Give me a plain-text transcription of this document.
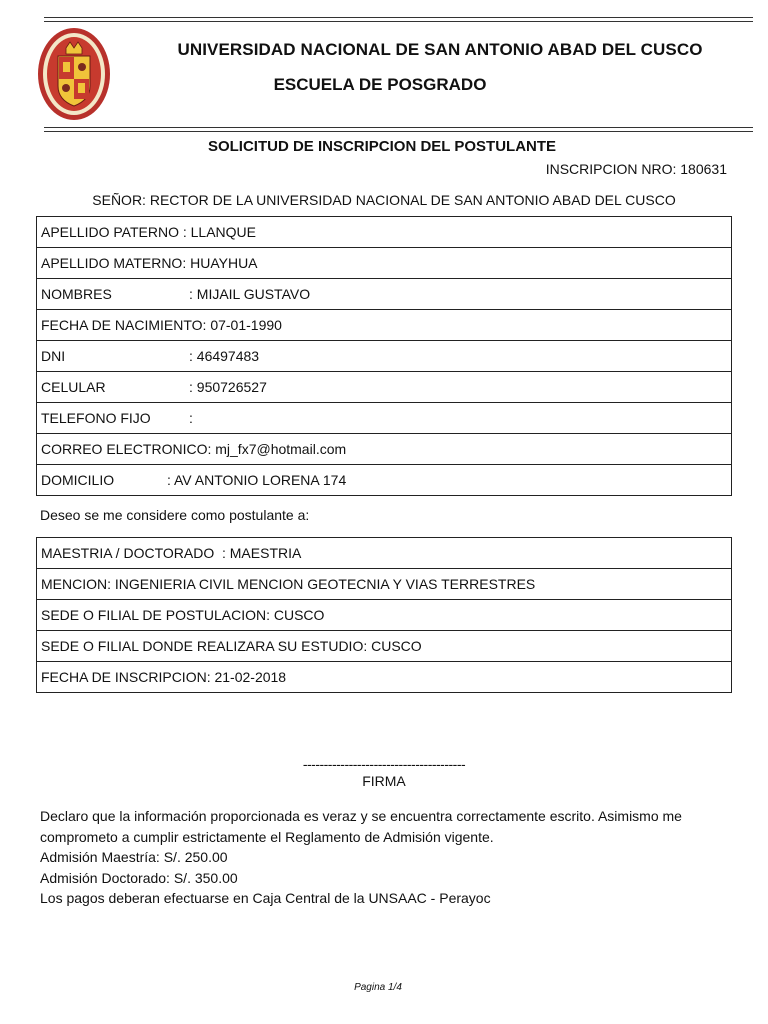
UNIVERSIDAD NACIONAL DE SAN ANTONIO ABAD DEL CUSCO
ESCUELA DE POSGRADO
SOLICITUD DE INSCRIPCION DEL POSTULANTE
INSCRIPCION NRO: 180631
SEÑOR: RECTOR DE LA UNIVERSIDAD NACIONAL DE SAN ANTONIO ABAD DEL CUSCO
APELLIDO PATERNO : LLANQUE
APELLIDO MATERNO: HUAYHUA
NOMBRES	: MIJAIL GUSTAVO
FECHA DE NACIMIENTO: 07-01-1990
DNI	: 46497483
CELULAR	: 950726527
TELEFONO FIJO	:
CORREO ELECTRONICO: mj_fx7@hotmail.com
DOMICILIO	: AV ANTONIO LORENA 174
Deseo se me considere como postulante a:
MAESTRIA / DOCTORADO  : MAESTRIA
MENCION: INGENIERIA CIVIL MENCION GEOTECNIA Y VIAS TERRESTRES
SEDE O FILIAL DE POSTULACION: CUSCO
SEDE O FILIAL DONDE REALIZARA SU ESTUDIO: CUSCO
FECHA DE INSCRIPCION: 21-02-2018
---------------------------------------
FIRMA

Declaro que la información proporcionada es veraz y se encuentra correctamente escrito. Asimismo me comprometo a cumplir estrictamente el Reglamento de Admisión vigente.

Admisión Maestría: S/. 250.00

Admisión Doctorado: S/. 350.00

Los pagos deberan efectuarse en Caja Central de la UNSAAC - Perayoc

Pagina 1/4
